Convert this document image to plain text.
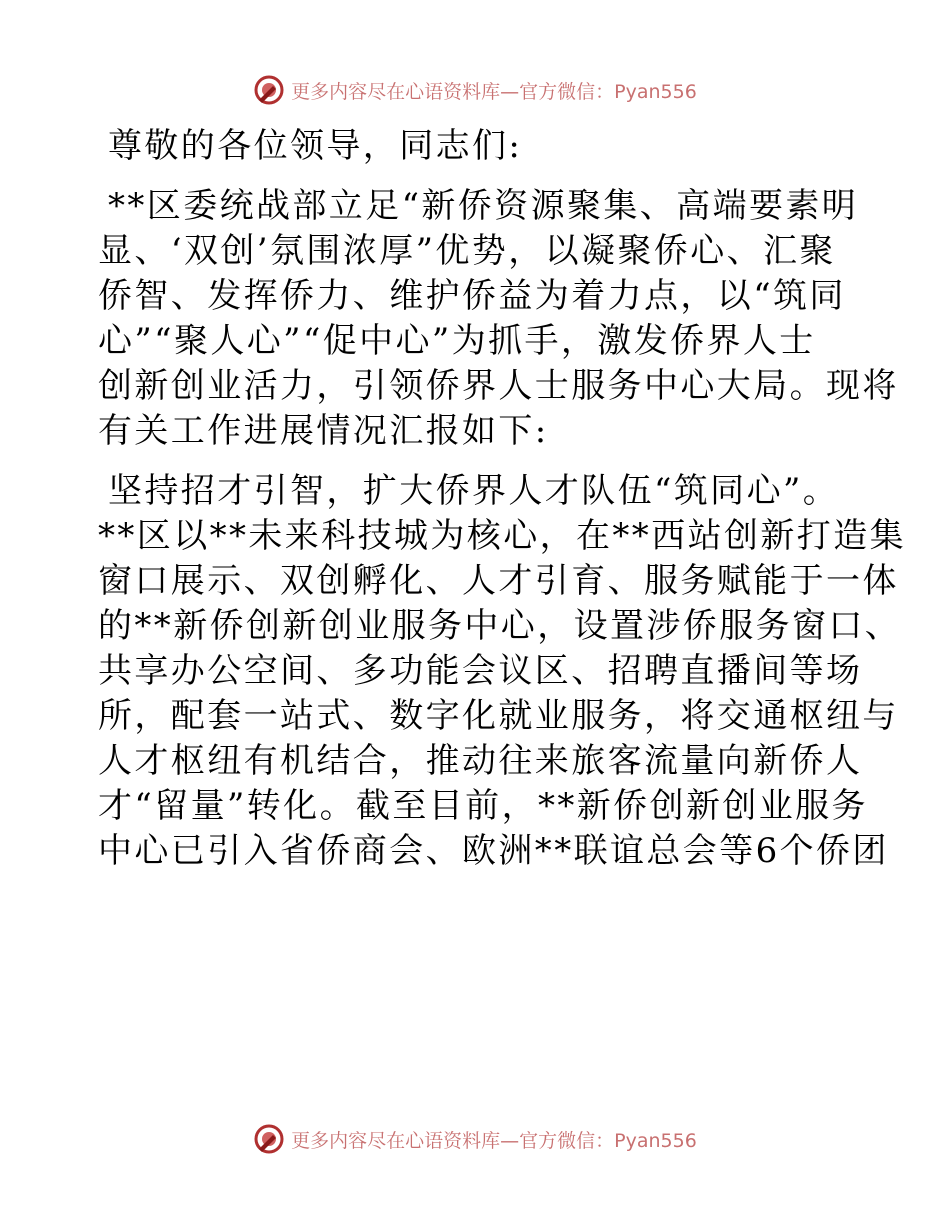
更多内容尽在心语资料库—官方微信：Pyan556
尊敬的各位领导，同志们:
**区委统战部立足“新侨资源聚集、高端要素明
显、‘双创’氛围浓厚”优势，以凝聚侨心、汇聚
侨智、发挥侨力、维护侨益为着力点，以“筑同
心”“聚人心”“促中心”为抓手，激发侨界人士
创新创业活力，引领侨界人士服务中心大局。现将
有关工作进展情况汇报如下:
坚持招才引智，扩大侨界人才队伍“筑同心”。
**区以**未来科技城为核心，在**西站创新打造集
窗口展示、双创孵化、人才引育、服务赋能于一体
的**新侨创新创业服务中心，设置涉侨服务窗口、
共享办公空间、多功能会议区、招聘直播间等场
所，配套一站式、数字化就业服务，将交通枢纽与
人才枢纽有机结合，推动往来旅客流量向新侨人
才“留量”转化。截至目前，**新侨创新创业服务
中心已引入省侨商会、欧洲**联谊总会等6个侨团
更多内容尽在心语资料库—官方微信：Pyan556
